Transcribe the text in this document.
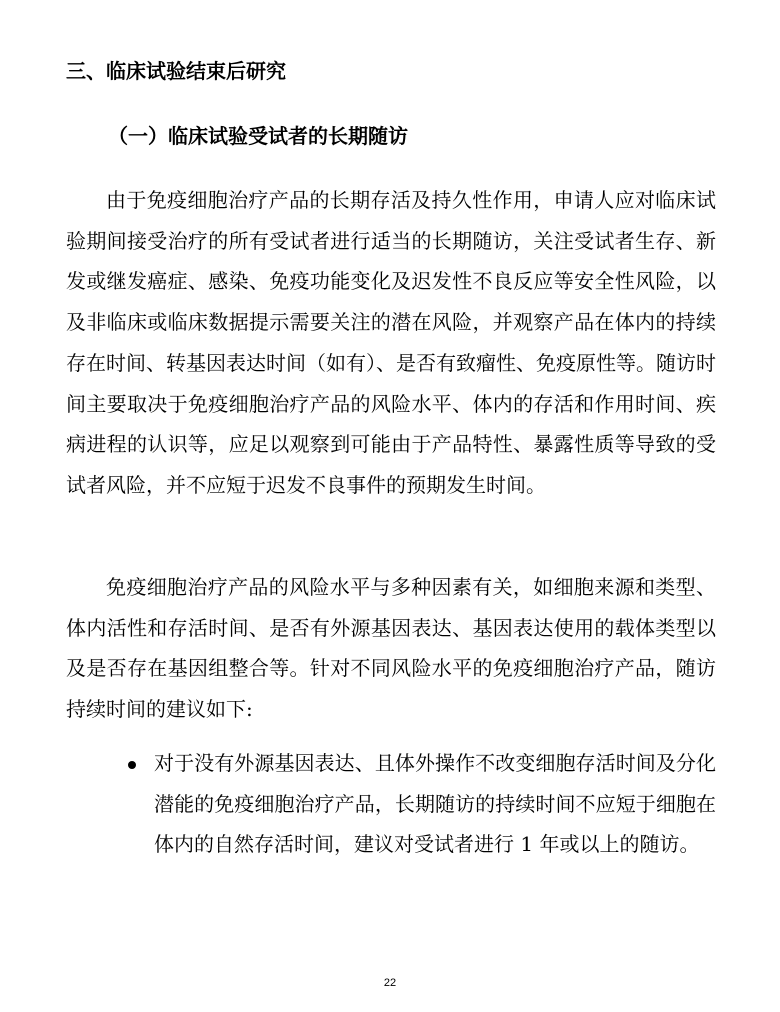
三、临床试验结束后研究
（一）临床试验受试者的长期随访

由于免疫细胞治疗产品的长期存活及持久性作用，申请人应对临床试验期间接受治疗的所有受试者进行适当的长期随访，关注受试者生存、新发或继发癌症、感染、免疫功能变化及迟发性不良反应等安全性风险，以及非临床或临床数据提示需要关注的潜在风险，并观察产品在体内的持续存在时间、转基因表达时间（如有）、是否有致瘤性、免疫原性等。随访时间主要取决于免疫细胞治疗产品的风险水平、体内的存活和作用时间、疾病进程的认识等，应足以观察到可能由于产品特性、暴露性质等导致的受试者风险，并不应短于迟发不良事件的预期发生时间。

免疫细胞治疗产品的风险水平与多种因素有关，如细胞来源和类型、体内活性和存活时间、是否有外源基因表达、基因表达使用的载体类型以及是否存在基因组整合等。针对不同风险水平的免疫细胞治疗产品，随访持续时间的建议如下:

对于没有外源基因表达、且体外操作不改变细胞存活时间及分化潜能的免疫细胞治疗产品，长期随访的持续时间不应短于细胞在体内的自然存活时间，建议对受试者进行 1 年或以上的随访。

22
